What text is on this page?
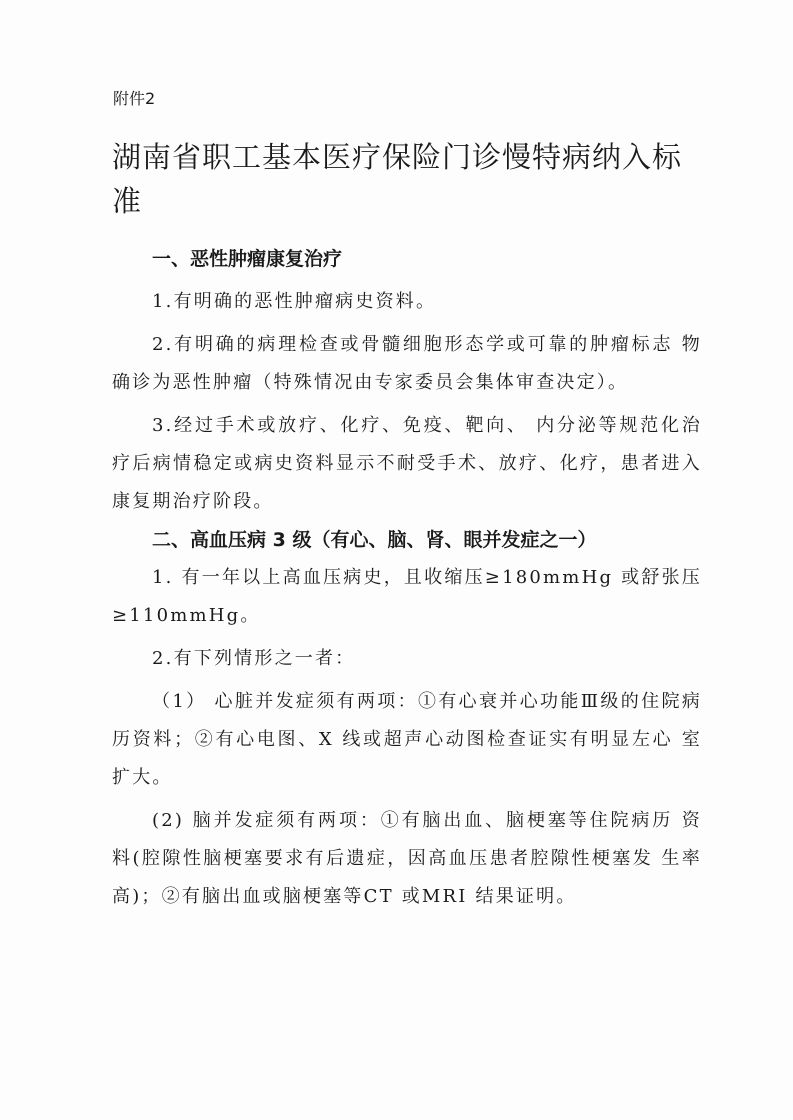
附件2
湖南省职工基本医疗保险门诊慢特病纳入标准
一、恶性肿瘤康复治疗

1.有明确的恶性肿瘤病史资料。

2.有明确的病理检查或骨髓细胞形态学或可靠的肿瘤标志 物确诊为恶性肿瘤（特殊情况由专家委员会集体审查决定）。

3.经过手术或放疗、化疗、免疫、靶向、 内分泌等规范化治疗后病情稳定或病史资料显示不耐受手术、放疗、化疗，患者进入康复期治疗阶段。

二、高血压病 3 级（有心、脑、肾、眼并发症之一）

1. 有一年以上高血压病史，且收缩压≥180mmHg 或舒张压 ≥110mmHg。

2.有下列情形之一者：

（1） 心脏并发症须有两项：①有心衰并心功能Ⅲ级的住院病历资料；②有心电图、X 线或超声心动图检查证实有明显左心 室扩大。

(2) 脑并发症须有两项：①有脑出血、脑梗塞等住院病历 资料(腔隙性脑梗塞要求有后遗症，因高血压患者腔隙性梗塞发 生率高)；②有脑出血或脑梗塞等CT 或MRI 结果证明。
